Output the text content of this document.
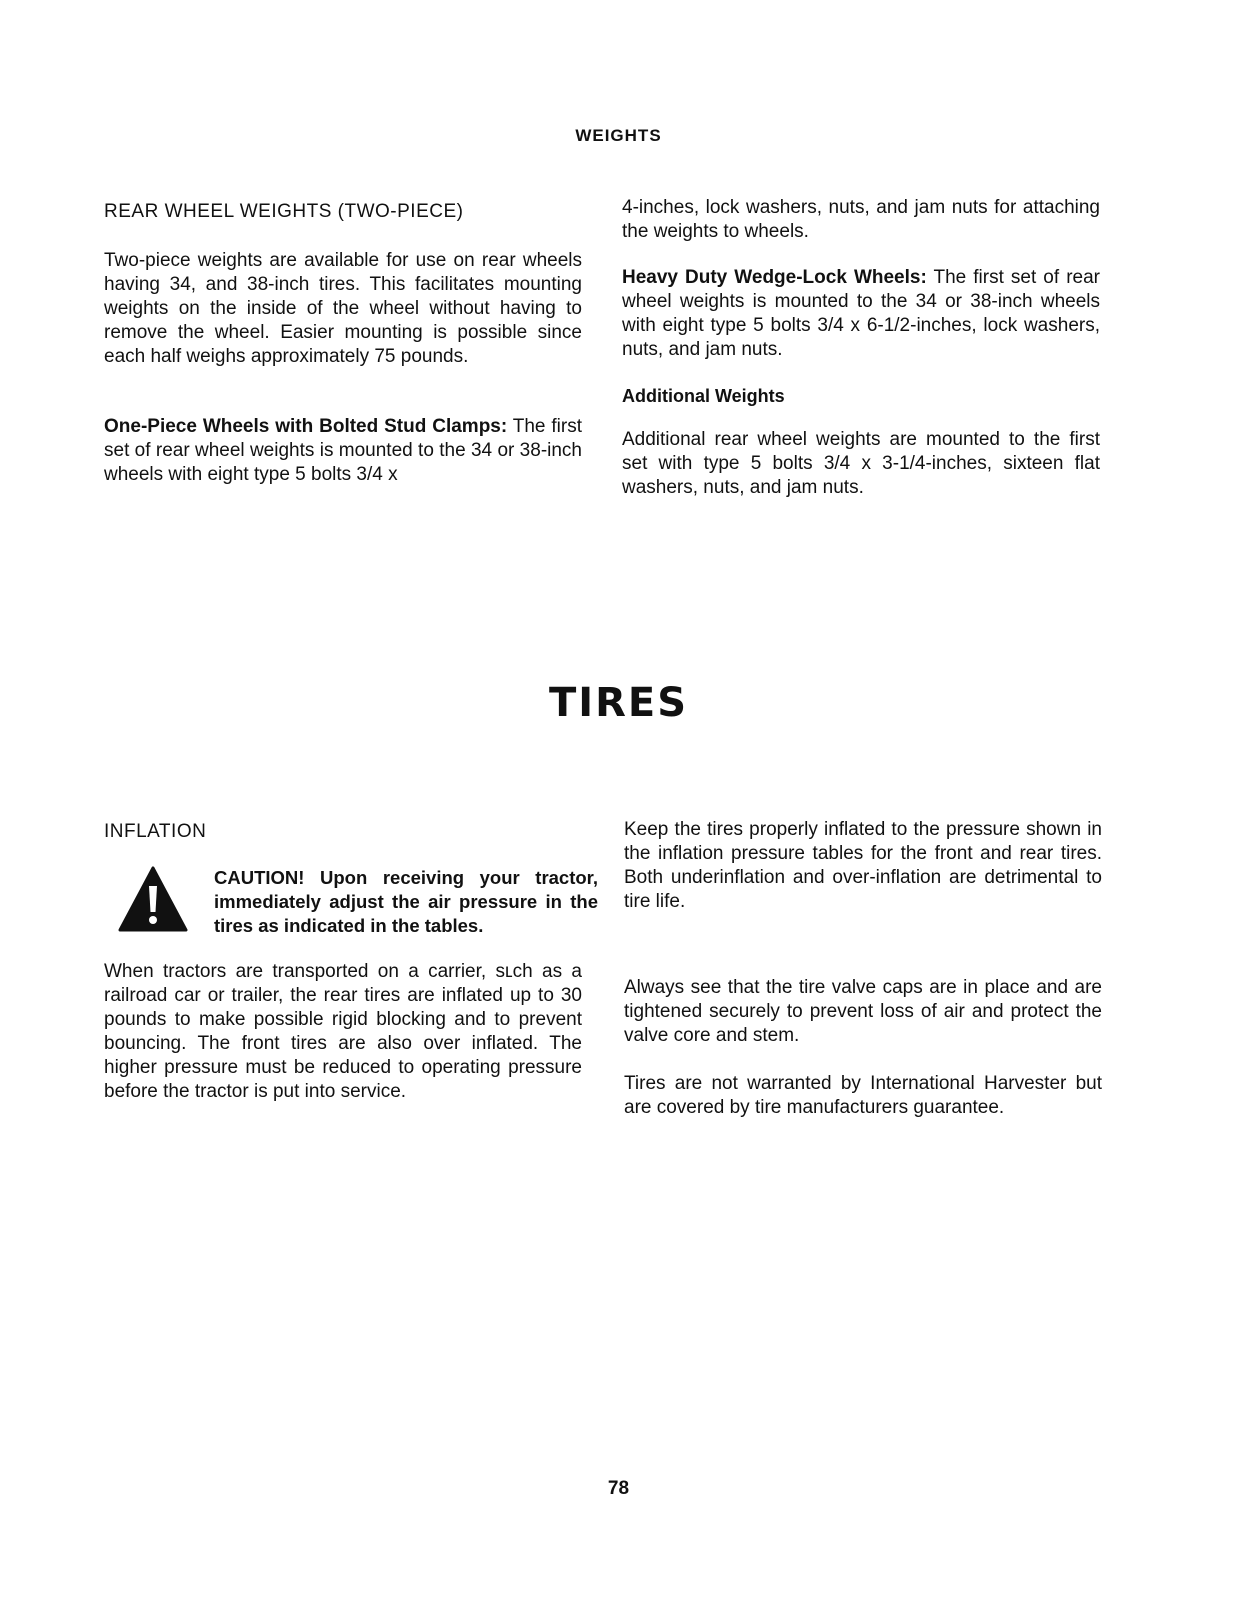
WEIGHTS

REAR WHEEL WEIGHTS (TWO-PIECE)

Two-piece weights are available for use on rear wheels having 34, and 38-inch tires. This facilitates mounting weights on the inside of the wheel without having to remove the wheel. Easier mounting is possible since each half weighs approximately 75 pounds.

One-Piece Wheels with Bolted Stud Clamps: The first set of rear wheel weights is mounted to the 34 or 38-inch wheels with eight type 5 bolts 3/4 x

4-inches, lock washers, nuts, and jam nuts for attaching the weights to wheels.

Heavy Duty Wedge-Lock Wheels: The first set of rear wheel weights is mounted to the 34 or 38-inch wheels with eight type 5 bolts 3/4 x 6-1/2-inches, lock washers, nuts, and jam nuts.

Additional Weights

Additional rear wheel weights are mounted to the first set with type 5 bolts 3/4 x 3-1/4-inches, sixteen flat washers, nuts, and jam nuts.

TIRES

INFLATION

CAUTION! Upon receiving your tractor, immediately adjust the air pressure in the tires as indicated in the tables.

When tractors are transported on a carrier, sʟch as a railroad car or trailer, the rear tires are inflated up to 30 pounds to make possible rigid blocking and to prevent bouncing. The front tires are also over inflated. The higher pressure must be reduced to operating pressure before the tractor is put into service.

Keep the tires properly inflated to the pressure shown in the inflation pressure tables for the front and rear tires. Both underinflation and over-inflation are detrimental to tire life.

Always see that the tire valve caps are in place and are tightened securely to prevent loss of air and protect the valve core and stem.

Tires are not warranted by International Harvester but are covered by tire manufacturers guarantee.

78
